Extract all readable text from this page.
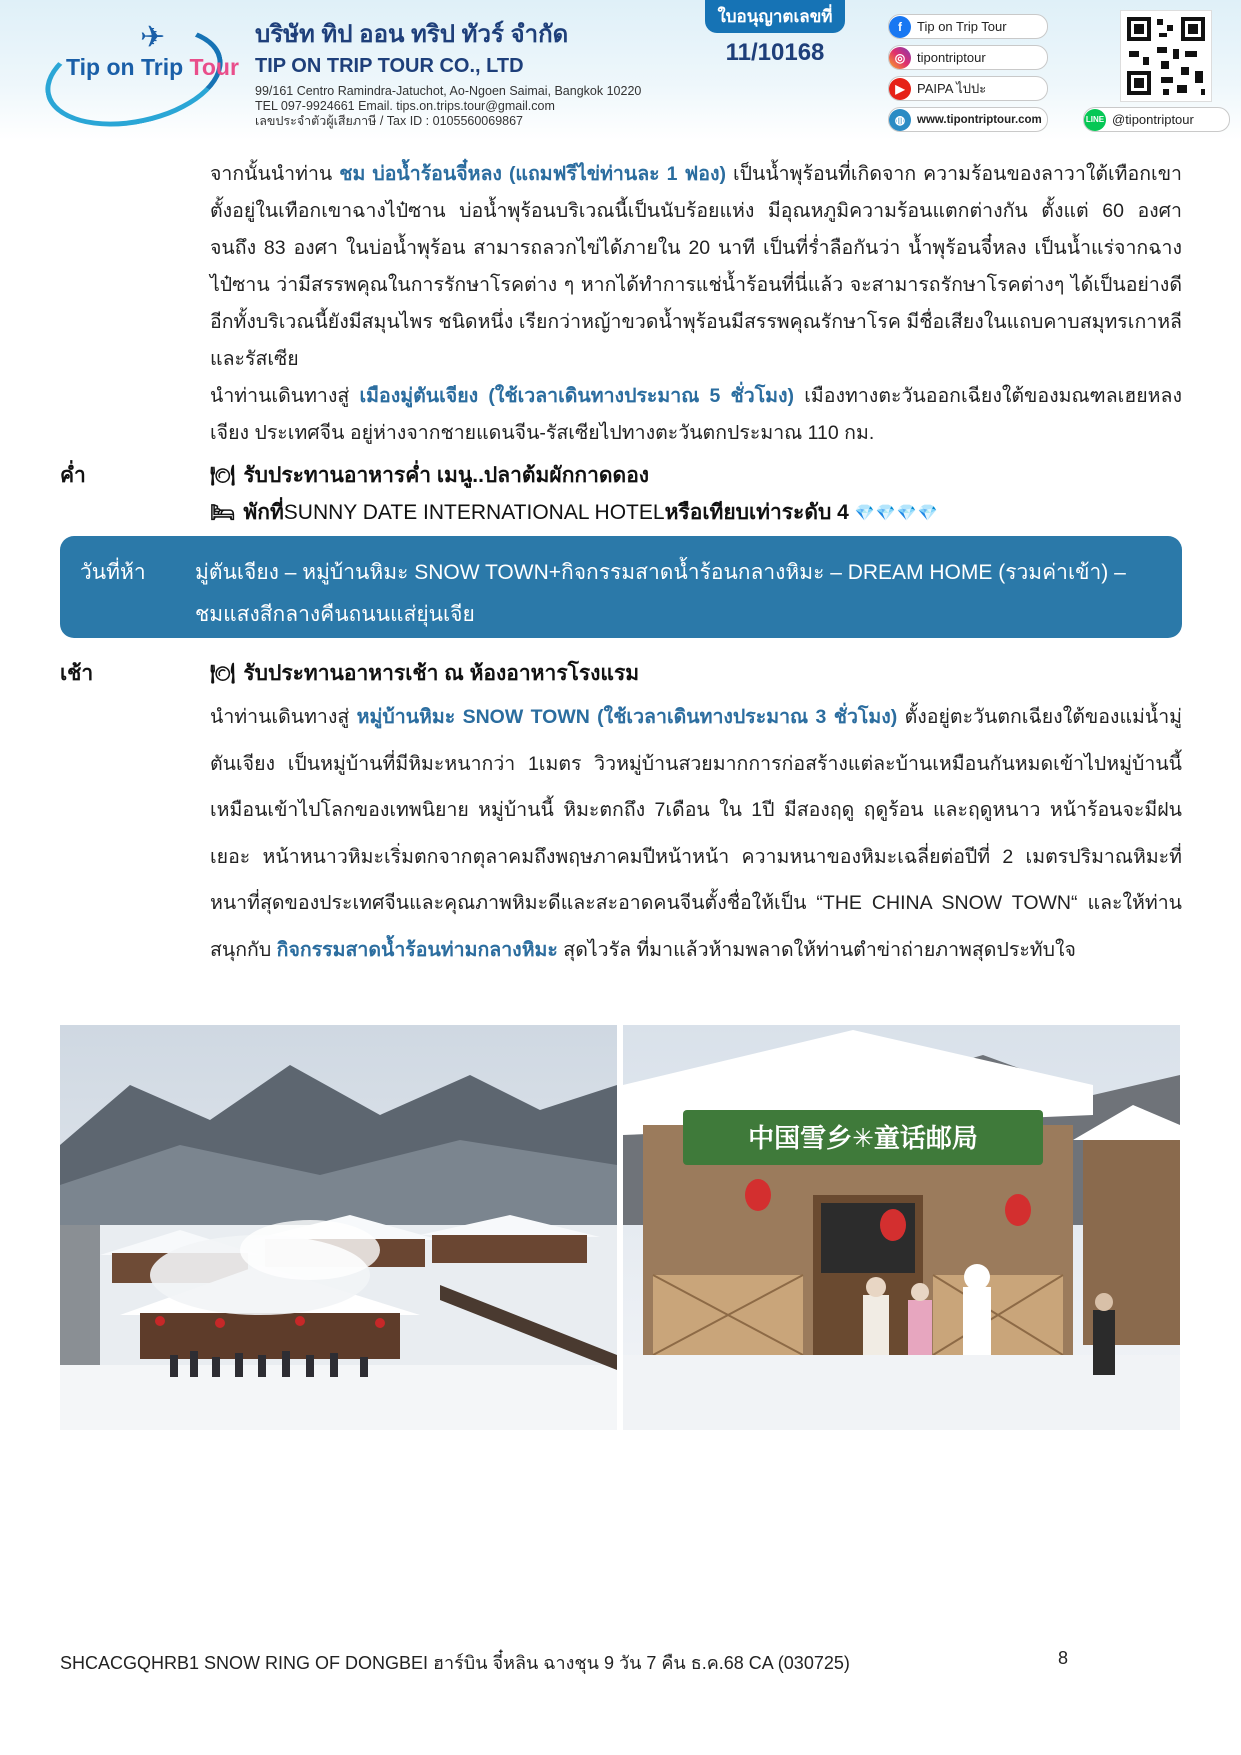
✈
Tip on Trip Tour
บริษัท ทิป ออน ทริป ทัวร์ จำกัด
TIP ON TRIP TOUR CO., LTD
99/161 Centro Ramindra-Jatuchot, Ao-Ngoen Saimai, Bangkok 10220
TEL 097-9924661 Email. tips.on.trips.tour@gmail.com
เลขประจำตัวผู้เสียภาษี / Tax ID : 0105560069867
ใบอนุญาตเลขที่
11/10168
f	Tip on Trip Tour
◎ tipontriptour
▶ PAIPA ไปปะ
◍	www.tipontriptour.com	LINE @tipontriptour
จากนั้นนำท่าน ชม บ่อน้ำร้อนจี๋หลง (แถมฟรีไข่ท่านละ 1 ฟอง) เป็นน้ำพุร้อนที่เกิดจาก ความร้อนของลาวาใต้เทือกเขา ตั้งอยู่ในเทือกเขาฉางไป๋ซาน บ่อน้ำพุร้อนบริเวณนี้เป็นนับร้อยแห่ง มีอุณหภูมิความร้อนแตกต่างกัน ตั้งแต่ 60 องศา จนถึง 83 องศา ในบ่อน้ำพุร้อน สามารถลวกไข่ได้ภายใน 20 นาที เป็นที่ร่ำลือกันว่า น้ำพุร้อนจี๋หลง เป็นน้ำแร่จากฉางไป๋ซาน ว่ามีสรรพคุณในการรักษาโรคต่าง ๆ หากได้ทำการแช่น้ำร้อนที่นี่แล้ว จะสามารถรักษาโรคต่างๆ ได้เป็นอย่างดี อีกทั้งบริเวณนี้ยังมีสมุนไพร ชนิดหนึ่ง เรียกว่าหญ้าขวดน้ำพุร้อนมีสรรพคุณรักษาโรค มีชื่อเสียงในแถบคาบสมุทรเกาหลีและรัสเซีย
นำท่านเดินทางสู่ เมืองมู่ตันเจียง (ใช้เวลาเดินทางประมาณ 5 ชั่วโมง) เมืองทางตะวันออกเฉียงใต้ของมณฑลเฮยหลงเจียง ประเทศจีน อยู่ห่างจากชายแดนจีน-รัสเซียไปทางตะวันตกประมาณ 110 กม.
ค่ำ	🍽 รับประทานอาหารค่ำ เมนู..ปลาต้มผักกาดดอง
🛏 พักที่ SUNNY DATE INTERNATIONAL HOTEL หรือเทียบเท่าระดับ 4 💎💎💎💎
วันที่ห้า มู่ตันเจียง – หมู่บ้านหิมะ SNOW TOWN+กิจกรรมสาดน้ำร้อนกลางหิมะ – DREAM HOME (รวมค่าเข้า) – ชมแสงสีกลางคืนถนนแส่ยุ่นเจีย
เช้า	🍽 รับประทานอาหารเช้า ณ ห้องอาหารโรงแรม
นำท่านเดินทางสู่ หมู่บ้านหิมะ SNOW TOWN (ใช้เวลาเดินทางประมาณ 3 ชั่วโมง) ตั้งอยู่ตะวันตกเฉียงใต้ของแม่น้ำมู่ตันเจียง เป็นหมู่บ้านที่มีหิมะหนากว่า 1เมตร วิวหมู่บ้านสวยมากการก่อสร้างแต่ละบ้านเหมือนกันหมดเข้าไปหมู่บ้านนี้เหมือนเข้าไปโลกของเทพนิยาย หมู่บ้านนี้ หิมะตกถึง 7เดือน ใน 1ปี มีสองฤดู ฤดูร้อน และฤดูหนาว หน้าร้อนจะมีฝนเยอะ หน้าหนาวหิมะเริ่มตกจากตุลาคมถึงพฤษภาคมปีหน้าหน้า ความหนาของหิมะเฉลี่ยต่อปีที่ 2 เมตรปริมาณหิมะที่หนาที่สุดของประเทศจีนและคุณภาพหิมะดีและสะอาดคนจีนตั้งชื่อให้เป็น “THE CHINA SNOW TOWN“ และให้ท่านสนุกกับ กิจกรรมสาดน้ำร้อนท่ามกลางหิมะ สุดไวรัล ที่มาแล้วห้ามพลาดให้ท่านตำข่าถ่ายภาพสุดประทับใจ
中国雪乡✳童话邮局
SHCACGQHRB1 SNOW RING OF DONGBEI ฮาร์บิน จี๋หลิน ฉางชุน 9 วัน 7 คืน ธ.ค.68 CA (030725)	8
